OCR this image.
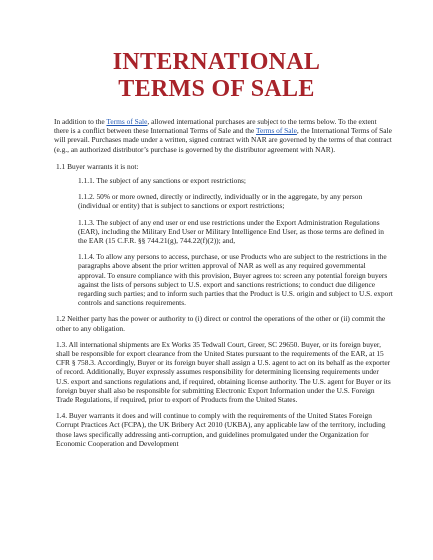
INTERNATIONAL
TERMS OF SALE
In addition to the Terms of Sale, allowed international purchases are subject to the terms below. To the extent there is a conflict between these International Terms of Sale and the Terms of Sale, the International Terms of Sale will prevail. Purchases made under a written, signed contract with NAR are governed by the terms of that contract (e.g., an authorized distributor’s purchase is governed by the distributor agreement with NAR).
1.1 Buyer warrants it is not:
1.1.1. The subject of any sanctions or export restrictions;
1.1.2. 50% or more owned, directly or indirectly, individually or in the aggregate, by any person (individual or entity) that is subject to sanctions or export restrictions;
1.1.3. The subject of any end user or end use restrictions under the Export Administration Regulations (EAR), including the Military End User or Military Intelligence End User, as those terms are defined in the EAR (15 C.F.R. §§ 744.21(g), 744.22(f)(2)); and,
1.1.4. To allow any persons to access, purchase, or use Products who are subject to the restrictions in the paragraphs above absent the prior written approval of NAR as well as any required governmental approval. To ensure compliance with this provision, Buyer agrees to: screen any potential foreign buyers against the lists of persons subject to U.S. export and sanctions restrictions; to conduct due diligence regarding such parties; and to inform such parties that the Product is U.S. origin and subject to U.S. export controls and sanctions requirements.
1.2 Neither party has the power or authority to (i) direct or control the operations of the other or (ii) commit the other to any obligation.
1.3. All international shipments are Ex Works 35 Tedwall Court, Greer, SC 29650. Buyer, or its foreign buyer, shall be responsible for export clearance from the United States pursuant to the requirements of the EAR, at 15 CFR § 758.3. Accordingly, Buyer or its foreign buyer shall assign a U.S. agent to act on its behalf as the exporter of record. Additionally, Buyer expressly assumes responsibility for determining licensing requirements under U.S. export and sanctions regulations and, if required, obtaining license authority. The U.S. agent for Buyer or its foreign buyer shall also be responsible for submitting Electronic Export Information under the U.S. Foreign Trade Regulations, if required, prior to export of Products from the United States.
1.4. Buyer warrants it does and will continue to comply with the requirements of the United States Foreign Corrupt Practices Act (FCPA), the UK Bribery Act 2010 (UKBA), any applicable law of the territory, including those laws specifically addressing anti-corruption, and guidelines promulgated under the Organization for Economic Cooperation and Development
